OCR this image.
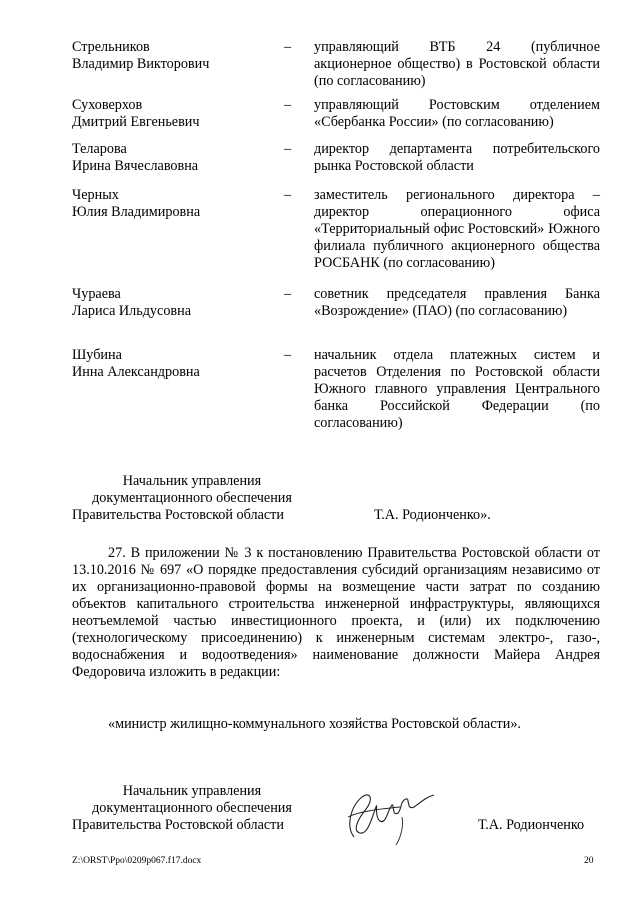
Стрельников
Владимир Викторович
– управляющий ВТБ 24 (публичное акционерное общество) в Ростовской области (по согласованию)
Суховерхов
Дмитрий Евгеньевич
– управляющий Ростовским отделением «Сбербанка России» (по согласованию)
Теларова
Ирина Вячеславовна
– директор департамента потребительского рынка Ростовской области
Черных
Юлия Владимировна
– заместитель регионального директора – директор операционного офиса «Территориальный офис Ростовский» Южного филиала публичного акционерного общества РОСБАНК (по согласованию)
Чураева
Лариса Ильдусовна
– советник председателя правления Банка «Возрождение» (ПАО) (по согласованию)
Шубина
Инна Александровна
– начальник отдела платежных систем и расчетов Отделения по Ростовской области Южного главного управления Центрального банка Российской Федерации (по согласованию)
Начальник управления
документационного обеспечения
Правительства Ростовской области	Т.А. Родионченко».
27. В приложении № 3 к постановлению Правительства Ростовской области от 13.10.2016 № 697 «О порядке предоставления субсидий организациям независимо от их организационно-правовой формы на возмещение части затрат по созданию объектов капитального строительства инженерной инфраструктуры, являющихся неотъемлемой частью инвестиционного проекта, и (или) их подключению (технологическому присоединению) к инженерным системам электро-, газо-, водоснабжения и водоотведения» наименование должности Майера Андрея Федоровича изложить в редакции:
«министр жилищно-коммунального хозяйства Ростовской области».
Начальник управления
документационного обеспечения
Правительства Ростовской области	Т.А. Родионченко
Z:\ORST\Ppo\0209p067.f17.docx	20
